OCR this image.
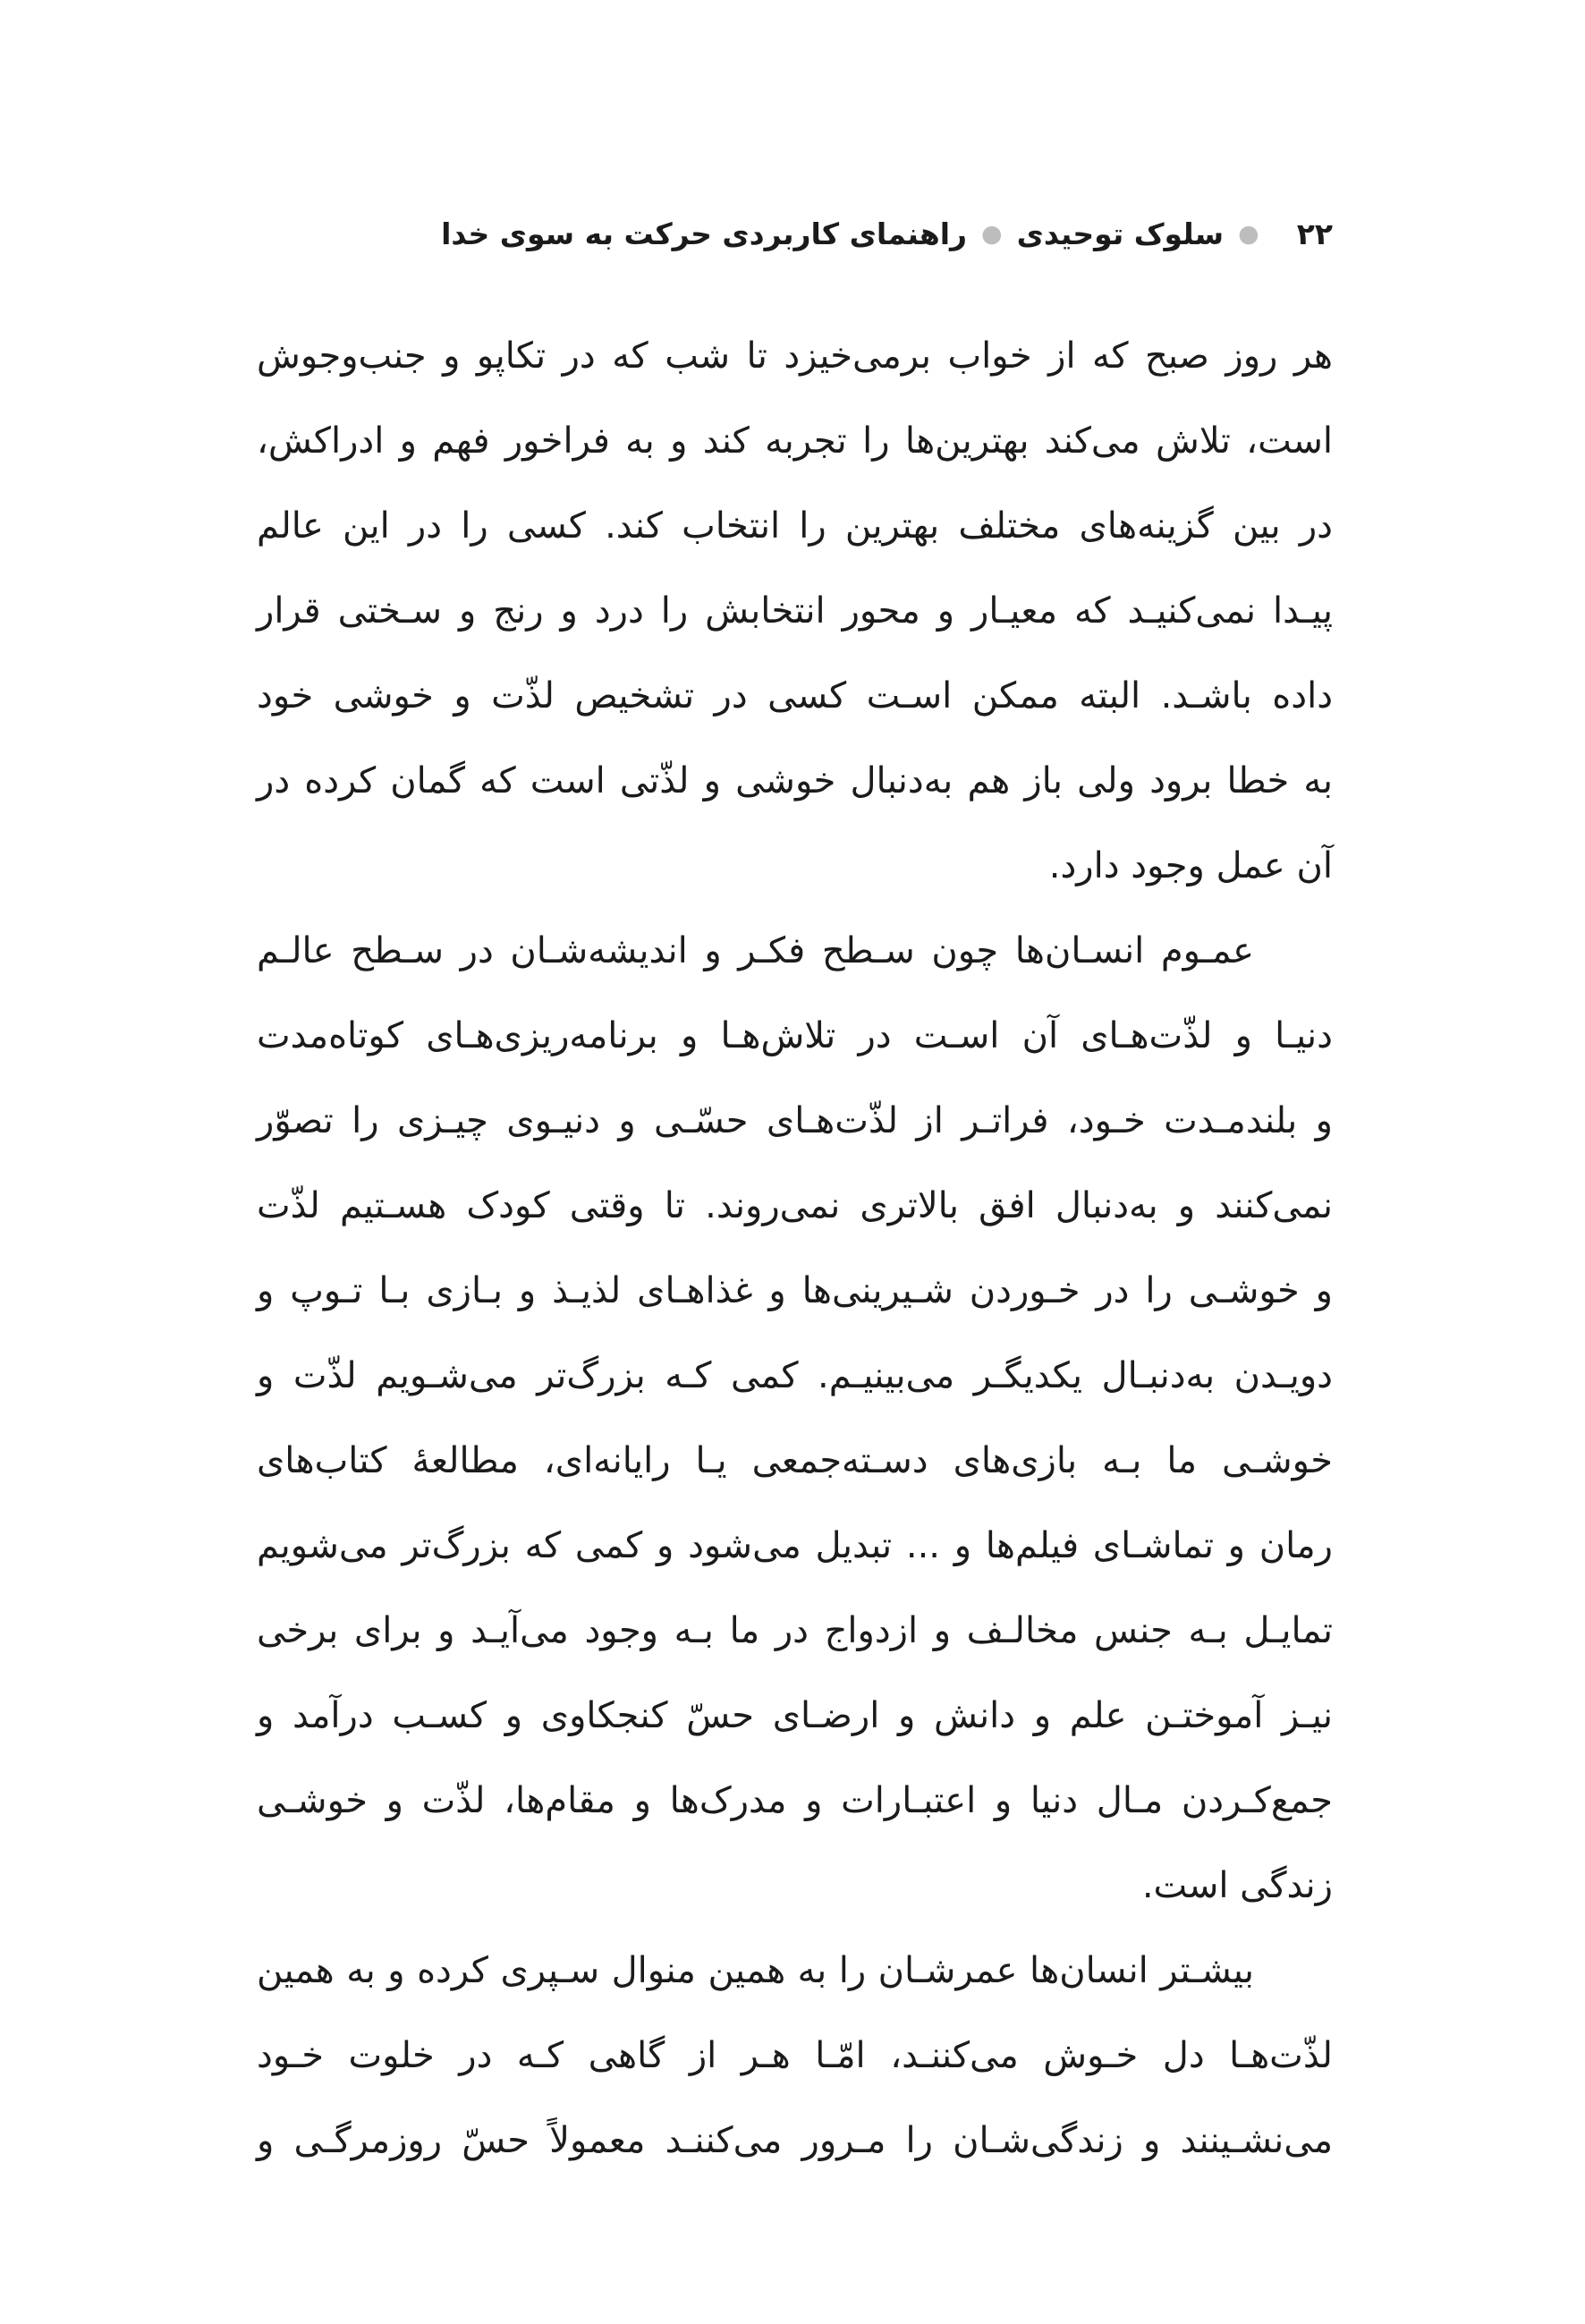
۲۲●سلوک توحیدی●راهنمای کاربردی حرکت به سوی خدا
هر روز صبح که از خواب برمی‌خیزد تا شب که در تکاپو و جنب‌وجوش
است، تلاش می‌کند بهترین‌ها را تجربه کند و به فراخور فهم و ادراکش،
در بین گزینه‌های مختلف بهترین را انتخاب کند. کسی را در این عالم
پیـدا نمی‌کنیـد که معیـار و محور انتخابش را درد و رنج و سـختی قرار
داده باشـد. البته ممکن اسـت کسی در تشخیص لذّت و خوشی خود
به خطا برود ولی باز هم به‌دنبال خوشی و لذّتی است که گمان کرده در
آن عمل وجود دارد.
عمـوم انسـان‌ها چون سـطح فکـر و اندیشه‌شـان در سـطح عالـم
دنیـا و لذّت‌هـای آن اسـت در تلاش‌هـا و برنامه‌ریزی‌هـای کوتاه‌مدت
و بلندمـدت خـود، فراتـر از لذّت‌هـای حسّـی و دنیـوی چیـزی را تصوّر
نمی‌کنند و به‌دنبال افق بالاتری نمی‌روند. تا وقتی کودک هسـتیم لذّت
و خوشـی را در خـوردن شـیرینی‌ها و غذاهـای لذیـذ و بـازی بـا تـوپ و
دویـدن به‌دنبـال یکدیگـر می‌بینیـم. کمی کـه بزرگ‌تر می‌شـویم لذّت و
خوشـی ما بـه بازی‌های دسـته‌جمعی یـا رایانه‌ای، مطالعهٔ کتاب‌های
رمان و تماشـای فیلم‌ها و ... تبدیل می‌شود و کمی که بزرگ‌تر می‌شویم
تمایـل بـه جنس مخالـف و ازدواج در ما بـه وجود می‌آیـد و برای برخی
نیـز آموختـن علم و دانش و ارضـای حسّ کنجکاوی و کسـب درآمد و
جمع‌کـردن مـال دنیا و اعتبـارات و مدرک‌ها و مقام‌ها، لذّت و خوشـی
زندگی است.
بیشـتر انسان‌ها عمرشـان را به همین منوال سـپری کرده و به همین
لذّت‌هـا دل خـوش می‌کننـد، امّـا هـر از گاهی کـه در خلوت خـود
می‌نشـینند و زندگی‌شـان را مـرور می‌کننـد معمولاً حسّ روزمرگـی و
